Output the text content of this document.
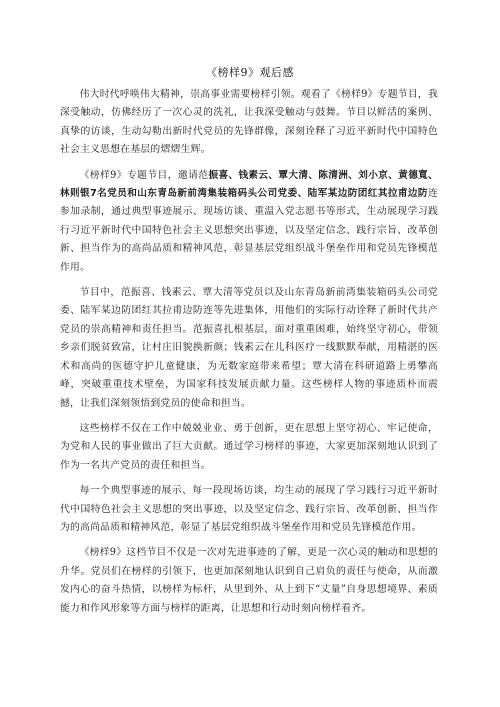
《榜样9》观后感

伟大时代呼唤伟大精神，崇高事业需要榜样引领。观看了《榜样9》专题节目，我深受触动，仿佛经历了一次心灵的洗礼，让我深受触动与鼓舞。节目以鲜活的案例、真挚的访谈，生动勾勒出新时代党员的先锋群像，深刻诠释了习近平新时代中国特色社会主义思想在基层的熠熠生辉。

《榜样9》专题节目，邀请范振喜、钱素云、覃大清、陈清洲、刘小京、黄德寬、林则银7名党员和山东青岛新前湾集装箱码头公司党委、陆军某边防团红其拉甫边防连参加录制，通过典型事迹展示、现场访谈、重温入党志愿书等形式，生动展现学习践行习近平新时代中国特色社会主义思想突出事迹，以及坚定信念、践行宗旨、改革创新、担当作为的高尚品质和精神风范，彰显基层党组织战斗堡垒作用和党员先锋模范作用。

节目中，范振喜、钱素云、覃大清等党员以及山东青岛新前湾集装箱码头公司党委、陆军某边防团红其拉甫边防连等先进集体，用他们的实际行动诠释了新时代共产党员的崇高精神和责任担当。范振喜扎根基层，面对重重困难，始终坚守初心，带领乡亲们脱贫致富，让村庄旧貌换新颜；钱素云在儿科医疗一线默默奉献，用精湛的医术和高尚的医德守护儿童健康，为无数家庭带来希望；覃大清在科研道路上勇攀高峰，突破重重技术壁垒，为国家科技发展贡献力量。这些榜样人物的事迹质朴而震撼，让我们深刻领悟到党员的使命和担当。

这些榜样不仅在工作中兢兢业业、勇于创新，更在思想上坚守初心、牢记使命，为党和人民的事业做出了巨大贡献。通过学习榜样的事迹，大家更加深刻地认识到了作为一名共产党员的责任和担当。

每一个典型事迹的展示、每一段现场访谈，均生动的展现了学习践行习近平新时代中国特色社会主义思想的突出事迹，以及坚定信念、践行宗旨、改革创新、担当作为的高尚品质和精神风范，彰显了基层党组织战斗堡垒作用和党员先锋模范作用。

《榜样9》这档节目不仅是一次对先进事迹的了解，更是一次心灵的触动和思想的升华。党员们在榜样的引领下，也更加深刻地认识到自己肩负的责任与使命，从而激发内心的奋斗热情，以榜样为标杆，从里到外、从上到下“丈量”自身思想境界、素质能力和作风形象等方面与榜样的距离，让思想和行动时刻向榜样看齐。
